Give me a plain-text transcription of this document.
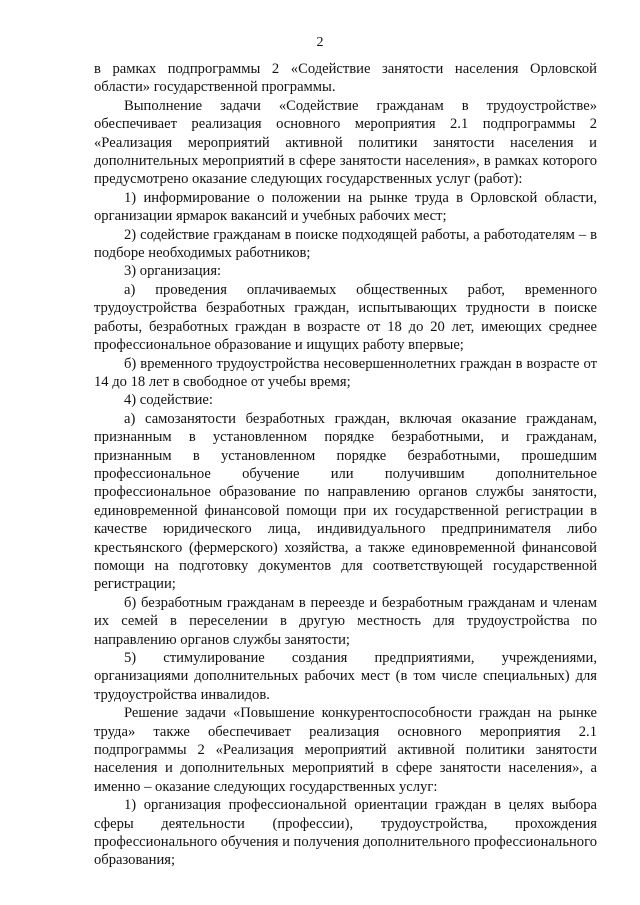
2

в рамках подпрограммы 2 «Содействие занятости населения Орловской области» государственной программы.

Выполнение задачи «Содействие гражданам в трудоустройстве» обеспечивает реализация основного мероприятия 2.1 подпрограммы 2 «Реализация мероприятий активной политики занятости населения и дополнительных мероприятий в сфере занятости населения», в рамках которого предусмотрено оказание следующих государственных услуг (работ):

1) информирование о положении на рынке труда в Орловской области, организации ярмарок вакансий и учебных рабочих мест;

2) содействие гражданам в поиске подходящей работы, а работодателям – в подборе необходимых работников;

3) организация:

а) проведения оплачиваемых общественных работ, временного трудоустройства безработных граждан, испытывающих трудности в поиске работы, безработных граждан в возрасте от 18 до 20 лет, имеющих среднее профессиональное образование и ищущих работу впервые;

б) временного трудоустройства несовершеннолетних граждан в возрасте от 14 до 18 лет в свободное от учебы время;

4) содействие:

а) самозанятости безработных граждан, включая оказание гражданам, признанным в установленном порядке безработными, и гражданам, признанным в установленном порядке безработными, прошедшим профессиональное обучение или получившим дополнительное профессиональное образование по направлению органов службы занятости, единовременной финансовой помощи при их государственной регистрации в качестве юридического лица, индивидуального предпринимателя либо крестьянского (фермерского) хозяйства, а также единовременной финансовой помощи на подготовку документов для соответствующей государственной регистрации;

б) безработным гражданам в переезде и безработным гражданам и членам их семей в переселении в другую местность для трудоустройства по направлению органов службы занятости;

5) стимулирование создания предприятиями, учреждениями, организациями дополнительных рабочих мест (в том числе специальных) для трудоустройства инвалидов.

Решение задачи «Повышение конкурентоспособности граждан на рынке труда» также обеспечивает реализация основного мероприятия 2.1 подпрограммы 2 «Реализация мероприятий активной политики занятости населения и дополнительных мероприятий в сфере занятости населения», а именно – оказание следующих государственных услуг:

1) организация профессиональной ориентации граждан в целях выбора сферы деятельности (профессии), трудоустройства, прохождения профессионального обучения и получения дополнительного профессионального образования;
